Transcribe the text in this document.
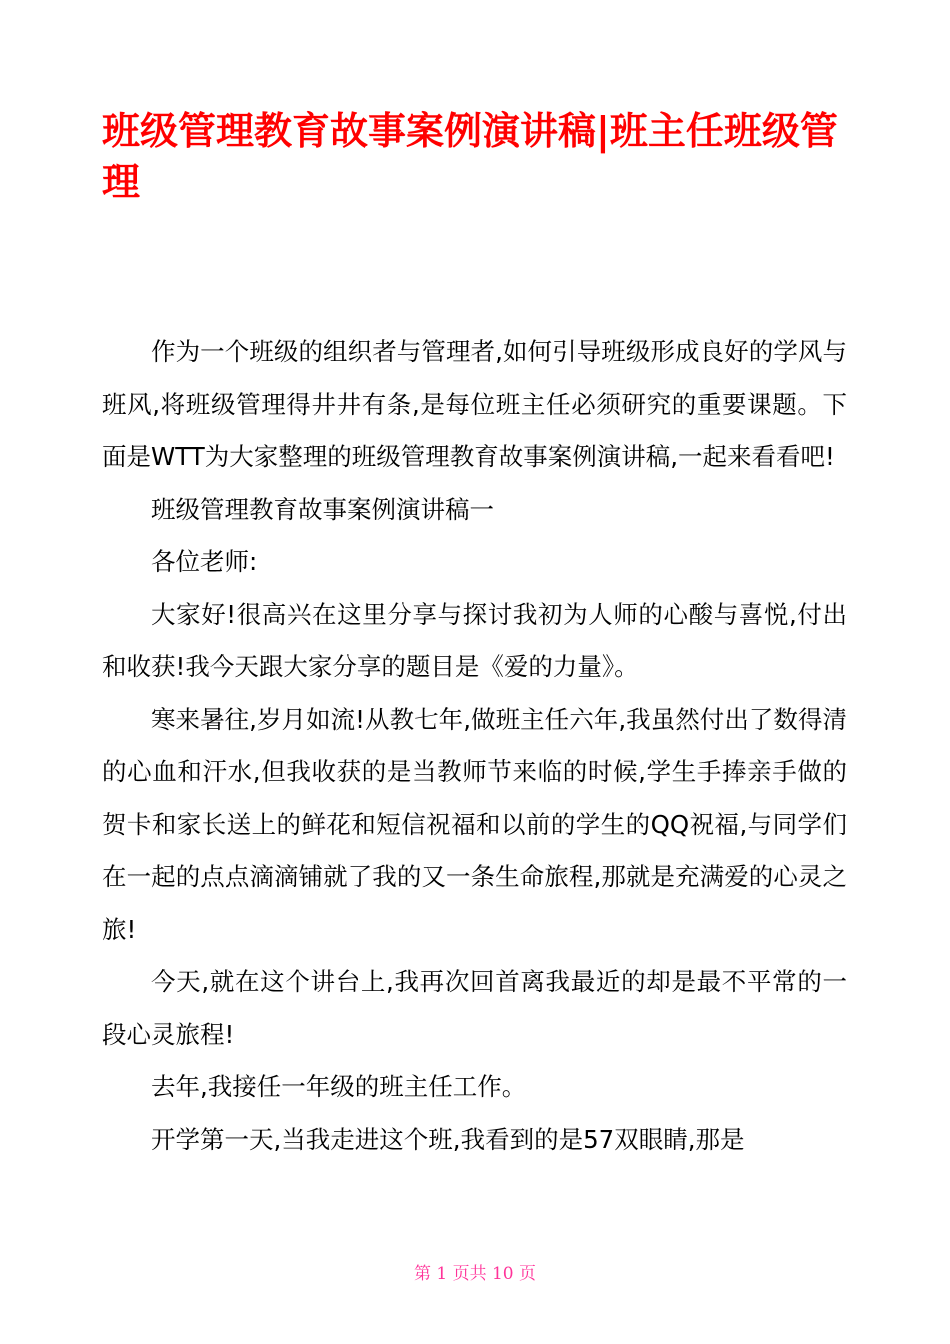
班级管理教育故事案例演讲稿|班主任班级管理

作为一个班级的组织者与管理者,如何引导班级形成良好的学风与班风,将班级管理得井井有条,是每位班主任必须研究的重要课题。下面是WTT为大家整理的班级管理教育故事案例演讲稿,一起来看看吧!

班级管理教育故事案例演讲稿一

各位老师:

大家好!很高兴在这里分享与探讨我初为人师的心酸与喜悦,付出和收获!我今天跟大家分享的题目是《爱的力量》。

寒来暑往,岁月如流!从教七年,做班主任六年,我虽然付出了数得清的心血和汗水,但我收获的是当教师节来临的时候,学生手捧亲手做的贺卡和家长送上的鲜花和短信祝福和以前的学生的QQ祝福,与同学们在一起的点点滴滴铺就了我的又一条生命旅程,那就是充满爱的心灵之旅!

今天,就在这个讲台上,我再次回首离我最近的却是最不平常的一段心灵旅程!

去年,我接任一年级的班主任工作。

开学第一天,当我走进这个班,我看到的是57双眼睛,那是

第 1 页共 10 页
